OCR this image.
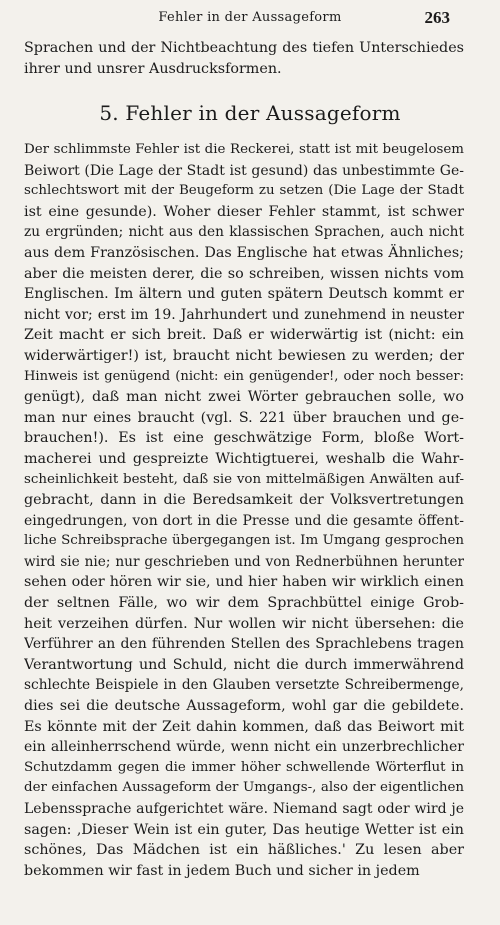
Fehler in der Aussageform	263
Sprachen und der Nichtbeachtung des tiefen Unterschiedes
ihrer und unsrer Ausdrucksformen.
5. Fehler in der Aussageform
Der schlimmste Fehler ist die Reckerei, statt ist mit beugelosem
Beiwort (Die Lage der Stadt ist gesund) das unbestimmte Ge-
schlechtswort mit der Beugeform zu setzen (Die Lage der Stadt
ist eine gesunde). Woher dieser Fehler stammt, ist schwer
zu ergründen; nicht aus den klassischen Sprachen, auch nicht
aus dem Französischen. Das Englische hat etwas Ähnliches;
aber die meisten derer, die so schreiben, wissen nichts vom
Englischen. Im ältern und guten spätern Deutsch kommt er
nicht vor; erst im 19. Jahrhundert und zunehmend in neuster
Zeit macht er sich breit. Daß er widerwärtig ist (nicht: ein
widerwärtiger!) ist, braucht nicht bewiesen zu werden; der
Hinweis ist genügend (nicht: ein genügender!, oder noch besser:
genügt), daß man nicht zwei Wörter gebrauchen solle, wo
man nur eines braucht (vgl. S. 221 über brauchen und ge-
brauchen!). Es ist eine geschwätzige Form, bloße Wort-
macherei und gespreizte Wichtigtuerei, weshalb die Wahr-
scheinlichkeit besteht, daß sie von mittelmäßigen Anwälten auf-
gebracht, dann in die Beredsamkeit der Volksvertretungen
eingedrungen, von dort in die Presse und die gesamte öffent-
liche Schreibsprache übergegangen ist. Im Umgang gesprochen
wird sie nie; nur geschrieben und von Rednerbühnen herunter
sehen oder hören wir sie, und hier haben wir wirklich einen
der seltnen Fälle, wo wir dem Sprachbüttel einige Grob-
heit verzeihen dürfen. Nur wollen wir nicht übersehen: die
Verführer an den führenden Stellen des Sprachlebens tragen
Verantwortung und Schuld, nicht die durch immerwährend
schlechte Beispiele in den Glauben versetzte Schreibermenge,
dies sei die deutsche Aussageform, wohl gar die gebildete.
Es könnte mit der Zeit dahin kommen, daß das Beiwort mit
ein alleinherrschend würde, wenn nicht ein unzerbrechlicher
Schutzdamm gegen die immer höher schwellende Wörterflut in
der einfachen Aussageform der Umgangs-, also der eigentlichen
Lebenssprache aufgerichtet wäre. Niemand sagt oder wird je
sagen: ‚Dieser Wein ist ein guter, Das heutige Wetter ist ein
schönes, Das Mädchen ist ein häßliches.' Zu lesen aber
bekommen wir fast in jedem Buch und sicher in jedem
